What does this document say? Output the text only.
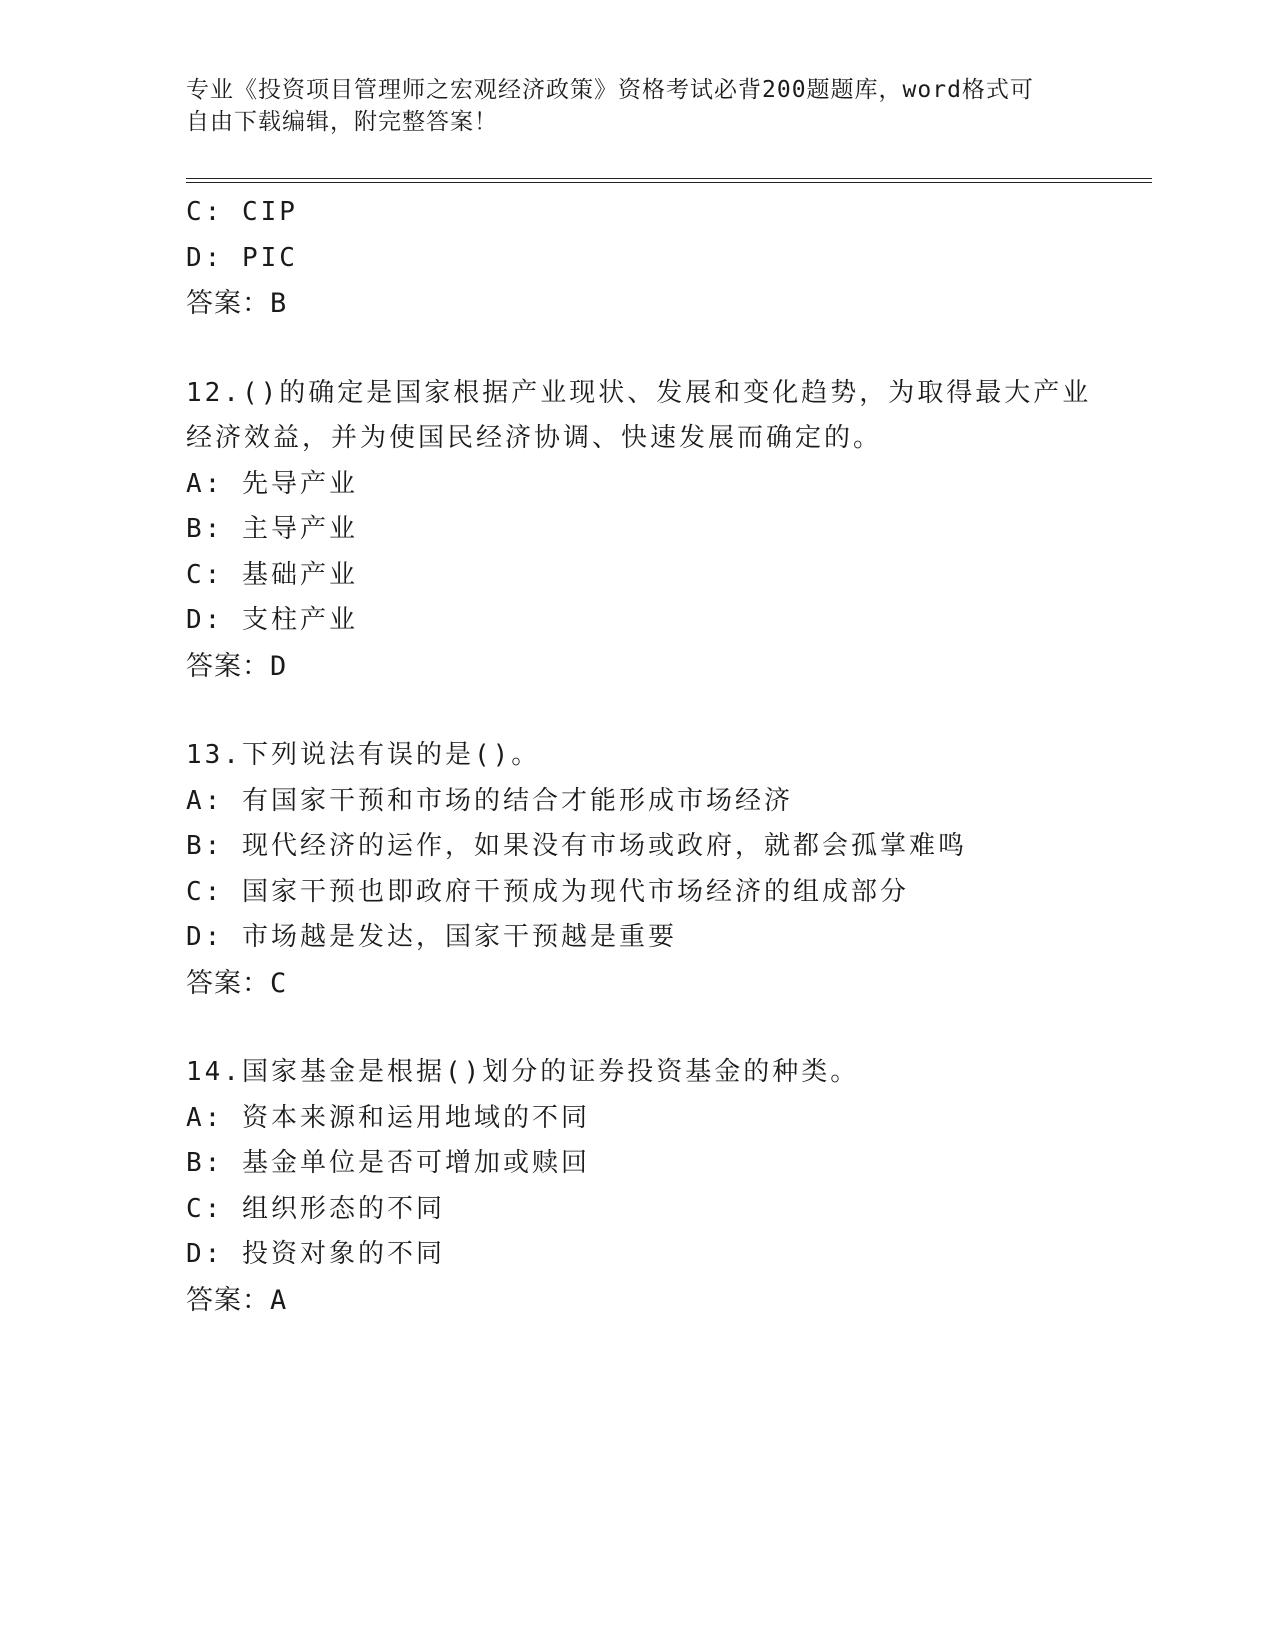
专业《投资项目管理师之宏观经济政策》资格考试必背200题题库，word格式可
自由下载编辑，附完整答案！
C: CIP
D: PIC
答案：B
12.()的确定是国家根据产业现状、发展和变化趋势，为取得最大产业
经济效益，并为使国民经济协调、快速发展而确定的。
A: 先导产业
B: 主导产业
C: 基础产业
D: 支柱产业
答案：D
13.下列说法有误的是()。
A: 有国家干预和市场的结合才能形成市场经济
B: 现代经济的运作，如果没有市场或政府，就都会孤掌难鸣
C: 国家干预也即政府干预成为现代市场经济的组成部分
D: 市场越是发达，国家干预越是重要
答案：C
14.国家基金是根据()划分的证券投资基金的种类。
A: 资本来源和运用地域的不同
B: 基金单位是否可增加或赎回
C: 组织形态的不同
D: 投资对象的不同
答案：A
